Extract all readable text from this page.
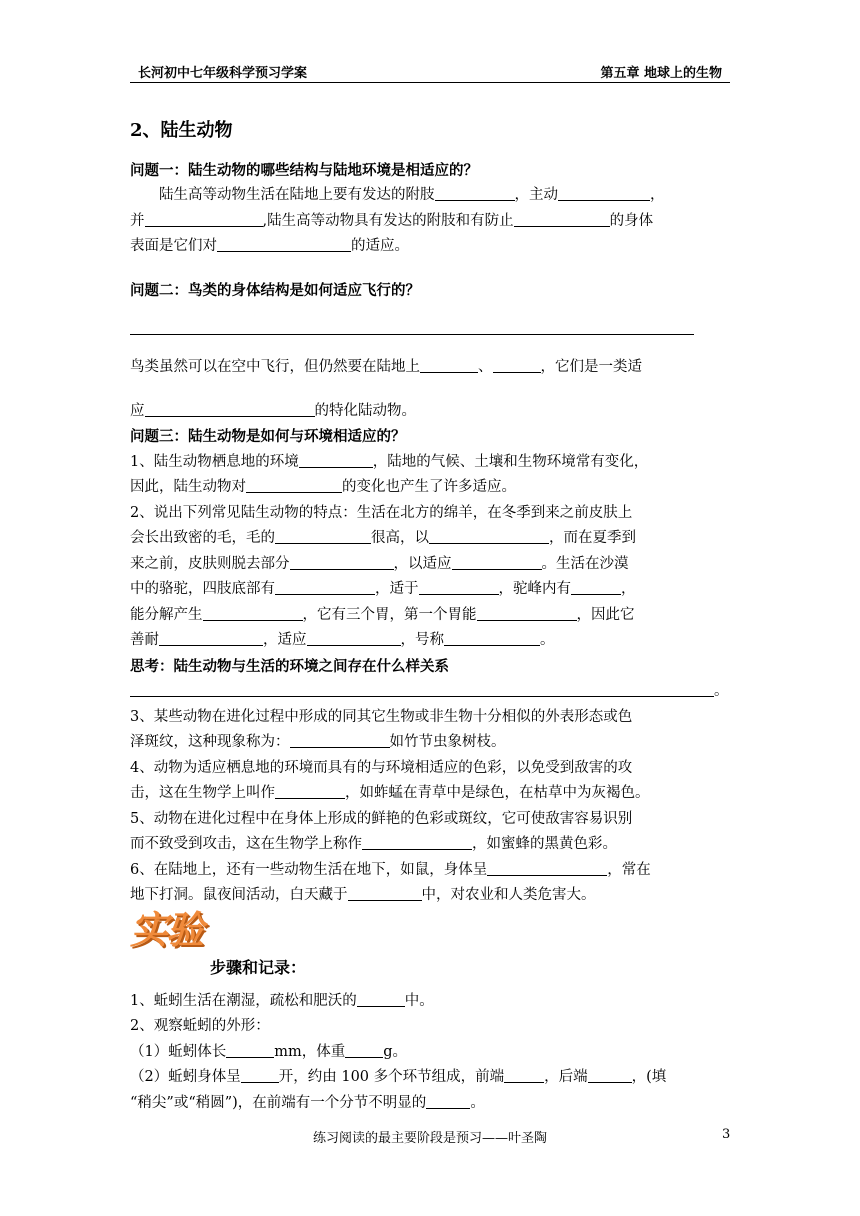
长河初中七年级科学预习学案	第五章 地球上的生物
2、陆生动物

问题一：陆生动物的哪些结构与陆地环境是相适应的？

陆生高等动物生活在陆地上要有发达的附肢	，主动	，

并	,陆生高等动物具有发达的附肢和有防止	的身体

表面是它们对	的适应。

问题二：鸟类的身体结构是如何适应飞行的？

鸟类虽然可以在空中飞行，但仍然要在陆地上	、	，它们是一类适

应	的特化陆动物。

问题三：陆生动物是如何与环境相适应的？

1、陆生动物栖息地的环境	，陆地的气候、土壤和生物环境常有变化，

因此，陆生动物对	的变化也产生了许多适应。

2、说出下列常见陆生动物的特点：生活在北方的绵羊，在冬季到来之前皮肤上

会长出致密的毛，毛的	很高，以	，而在夏季到

来之前，皮肤则脱去部分	，以适应	。生活在沙漠

中的骆驼，四肢底部有	，适于	，驼峰内有	，

能分解产生	，它有三个胃，第一个胃能	，因此它

善耐	，适应	，号称	。

思考：陆生动物与生活的环境之间存在什么样关系

。

3、某些动物在进化过程中形成的同其它生物或非生物十分相似的外表形态或色

泽斑纹，这种现象称为：	如竹节虫象树枝。

4、动物为适应栖息地的环境而具有的与环境相适应的色彩，以免受到敌害的攻

击，这在生物学上叫作	，如蚱蜢在青草中是绿色，在枯草中为灰褐色。

5、动物在进化过程中在身体上形成的鲜艳的色彩或斑纹，它可使敌害容易识别

而不致受到攻击，这在生物学上称作	，如蜜蜂的黑黄色彩。

6、在陆地上，还有一些动物生活在地下，如鼠，身体呈	，常在

地下打洞。鼠夜间活动，白天藏于	中，对农业和人类危害大。

实验
步骤和记录：

1、蚯蚓生活在潮湿，疏松和肥沃的	中。

2、观察蚯蚓的外形：

（1）蚯蚓体长	mm，体重	g。

（2）蚯蚓身体呈	开，约由 100 多个环节组成，前端	，后端	，(填

“稍尖”或“稍圆”)，在前端有一个分节不明显的	。

练习阅读的最主要阶段是预习——叶圣陶	3
